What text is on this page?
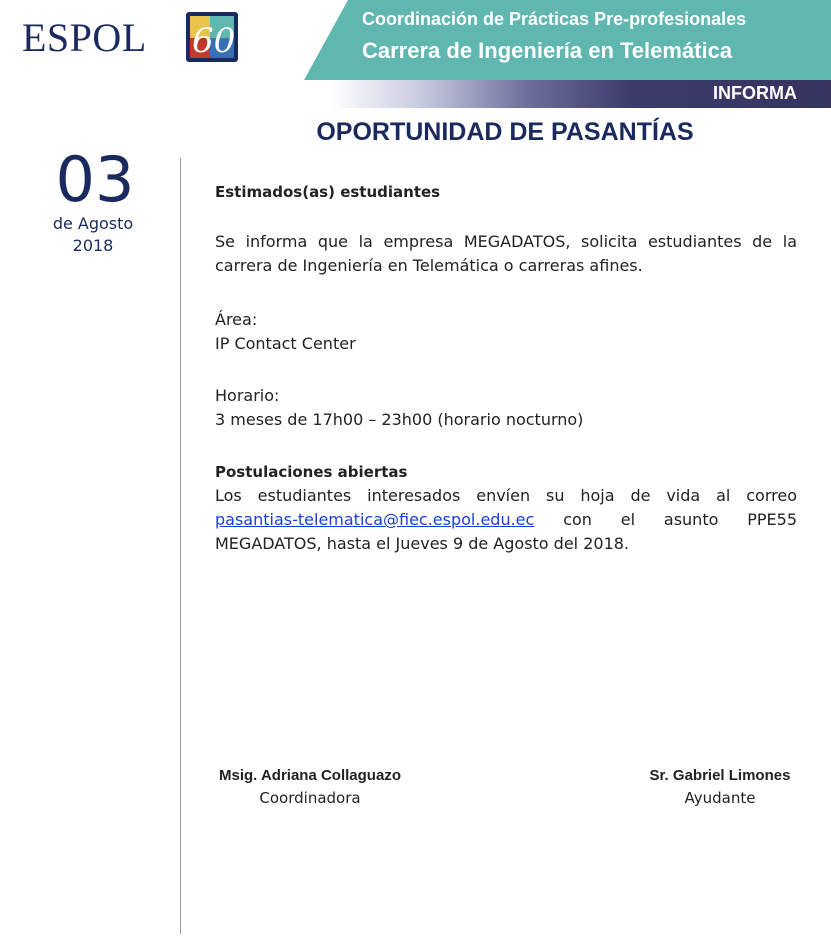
ESPOL 60
Coordinación de Prácticas Pre-profesionales
Carrera de Ingeniería en Telemática
INFORMA
OPORTUNIDAD DE PASANTÍAS
03
de Agosto
2018
Estimados(as) estudiantes
Se informa que la empresa MEGADATOS, solicita estudiantes de la carrera de Ingeniería en Telemática o carreras afines.
Área:
IP Contact Center
Horario:
3 meses de 17h00 – 23h00 (horario nocturno)
Postulaciones abiertas
Los estudiantes interesados envíen su hoja de vida al correo
pasantias-telematica@fiec.espol.edu.ec con el asunto PPE55 MEGADATOS, hasta el Jueves 9 de Agosto del 2018.
Msig. Adriana Collaguazo
Coordinadora
Sr. Gabriel Limones
Ayudante
